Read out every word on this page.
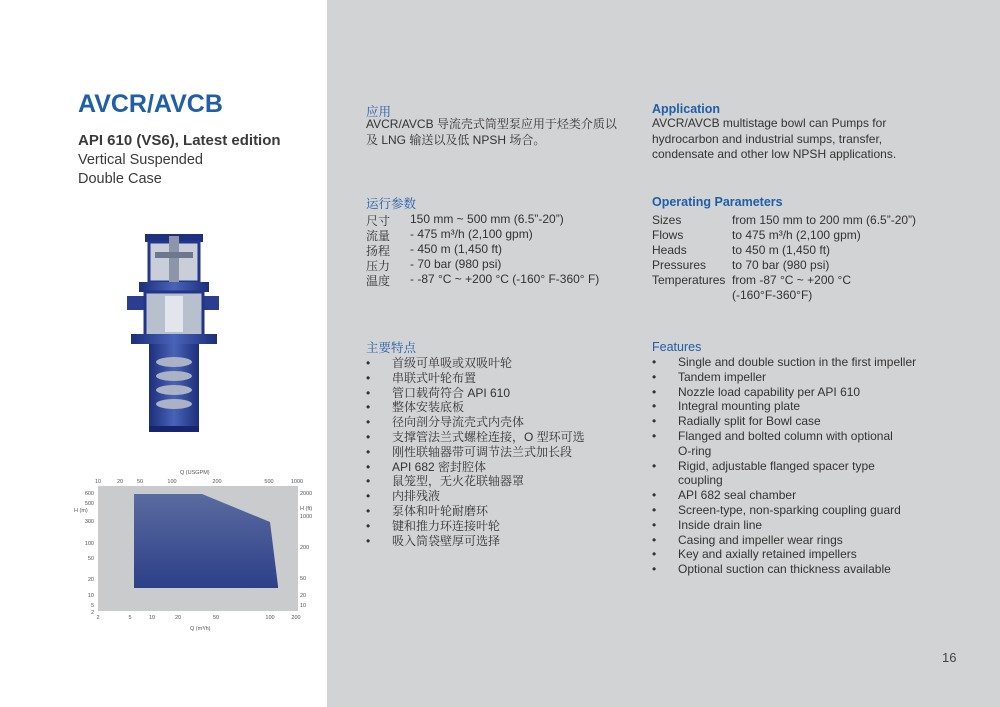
AVCR/AVCB
API 610 (VS6), Latest edition
Vertical Suspended
Double Case
Q (USGPM)
10	20	50	100	200	500	1000
600
500
300
100
50
20
10
5
2
2000
1000
200
50
20
10
2	5	10	20	50	100	200
H (m)	H (ft)
Q (m³/h)
应用
AVCR/AVCB 导流壳式筒型泵应用于烃类介质以
及 LNG 输送以及低 NPSH 场合。
运行参数
尺寸 150 mm ~ 500 mm (6.5”-20”)
流量 - 475 m³/h (2,100 gpm)
扬程 - 450 m (1,450 ft)
压力 - 70 bar (980 psi)
温度 - -87 °C ~ +200 °C (-160° F-360° F)
主要特点
• 首级可单吸或双吸叶轮
• 串联式叶轮布置
• 管口载荷符合 API 610
• 整体安装底板
• 径向剖分导流壳式内壳体
• 支撑管法兰式螺栓连接，O 型环可选
• 刚性联轴器带可调节法兰式加长段
• API 682 密封腔体
• 鼠笼型，无火花联轴器罩
• 内排残液
• 泵体和叶轮耐磨环
• 键和推力环连接叶轮
• 吸入筒袋壁厚可选择
Application
AVCR/AVCB multistage bowl can Pumps for
hydrocarbon and industrial sumps, transfer,
condensate and other low NPSH applications.
Operating Parameters
Sizes	from 150 mm to 200 mm (6.5”-20”)
Flows	to 475 m³/h (2,100 gpm)
Heads	to 450 m (1,450 ft)
Pressures to 70 bar (980 psi)
Temperatures from -87 °C ~ +200 °C
(-160°F-360°F)
Features
• Single and double suction in the first impeller
• Tandem impeller
• Nozzle load capability per API 610
• Integral mounting plate
• Radially split for Bowl case
• Flanged and bolted column with optional
O-ring
• Rigid, adjustable flanged spacer type
coupling
• API 682 seal chamber
• Screen-type, non-sparking coupling guard
• Inside drain line
• Casing and impeller wear rings
• Key and axially retained impellers
• Optional suction can thickness available
16
